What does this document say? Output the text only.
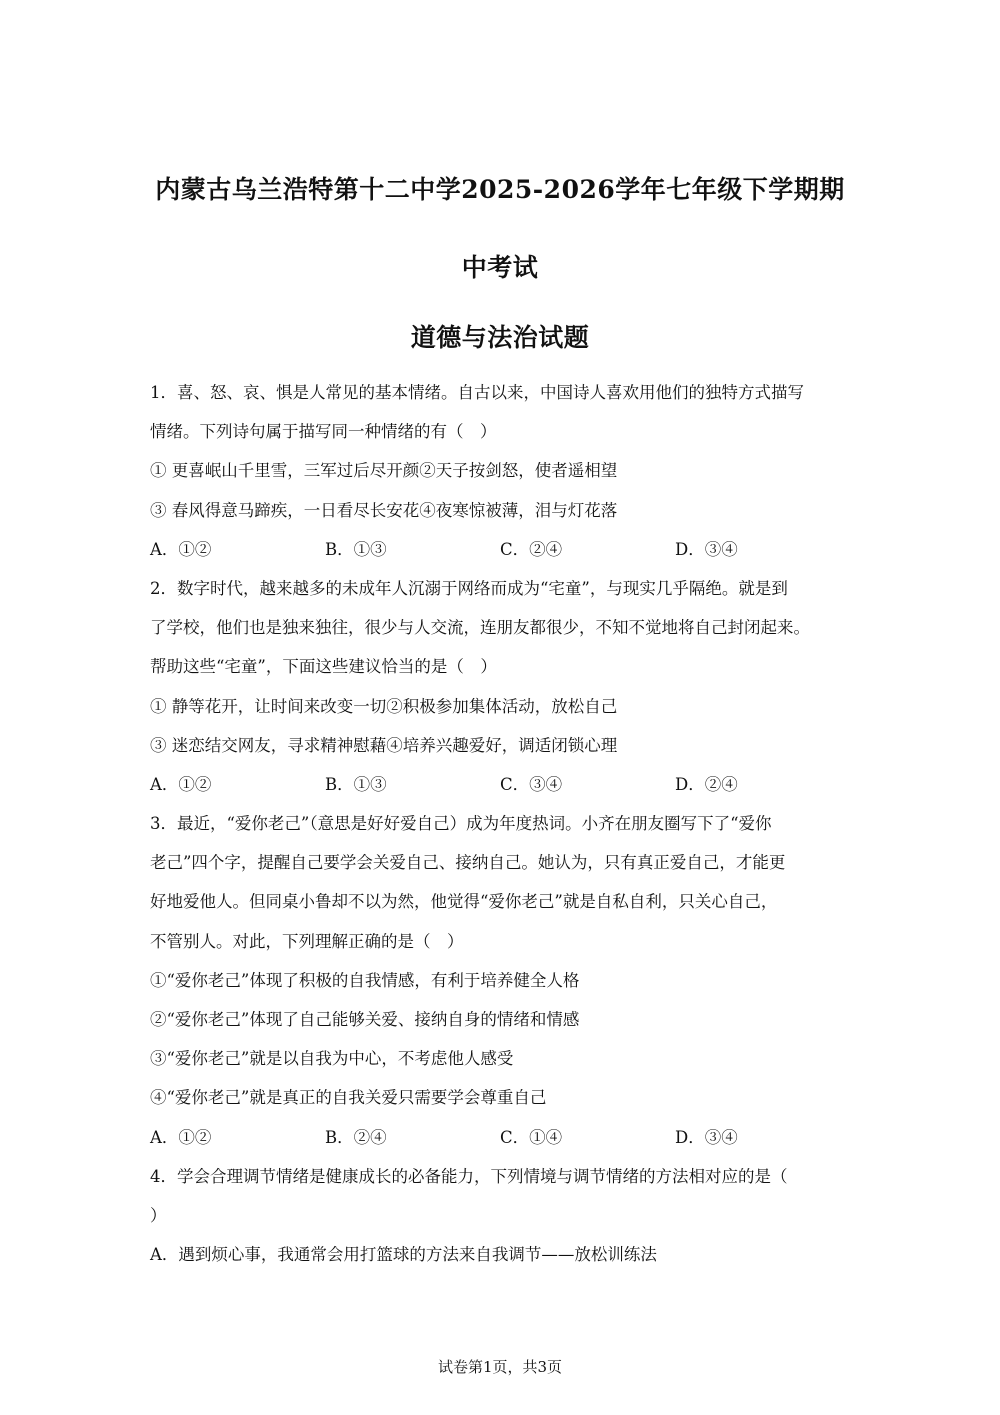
内蒙古乌兰浩特第十二中学2025-2026学年七年级下学期期
中考试
道德与法治试题
1．喜、怒、哀、惧是人常见的基本情绪。自古以来，中国诗人喜欢用他们的独特方式描写
情绪。下列诗句属于描写同一种情绪的有（　）
① 更喜岷山千里雪，三军过后尽开颜②天子按剑怒，使者遥相望
③ 春风得意马蹄疾，一日看尽长安花④夜寒惊被薄，泪与灯花落
A．①②	B．①③	C．②④	D．③④
2．数字时代，越来越多的未成年人沉溺于网络而成为“宅童”，与现实几乎隔绝。就是到
了学校，他们也是独来独往，很少与人交流，连朋友都很少，不知不觉地将自己封闭起来。
帮助这些“宅童”，下面这些建议恰当的是（　）
① 静等花开，让时间来改变一切②积极参加集体活动，放松自己
③ 迷恋结交网友，寻求精神慰藉④培养兴趣爱好，调适闭锁心理
A．①②	B．①③	C．③④	D．②④
3．最近，“爱你老己”（意思是好好爱自己）成为年度热词。小齐在朋友圈写下了“爱你
老己”四个字，提醒自己要学会关爱自己、接纳自己。她认为，只有真正爱自己，才能更
好地爱他人。但同桌小鲁却不以为然，他觉得“爱你老己”就是自私自利，只关心自己，
不管别人。对此，下列理解正确的是（　）
①“爱你老己”体现了积极的自我情感，有利于培养健全人格
②“爱你老己”体现了自己能够关爱、接纳自身的情绪和情感
③“爱你老己”就是以自我为中心，不考虑他人感受
④“爱你老己”就是真正的自我关爱只需要学会尊重自己
A．①②	B．②④	C．①④	D．③④
4．学会合理调节情绪是健康成长的必备能力，下列情境与调节情绪的方法相对应的是（
）
A．遇到烦心事，我通常会用打篮球的方法来自我调节——放松训练法
试卷第1页，共3页
